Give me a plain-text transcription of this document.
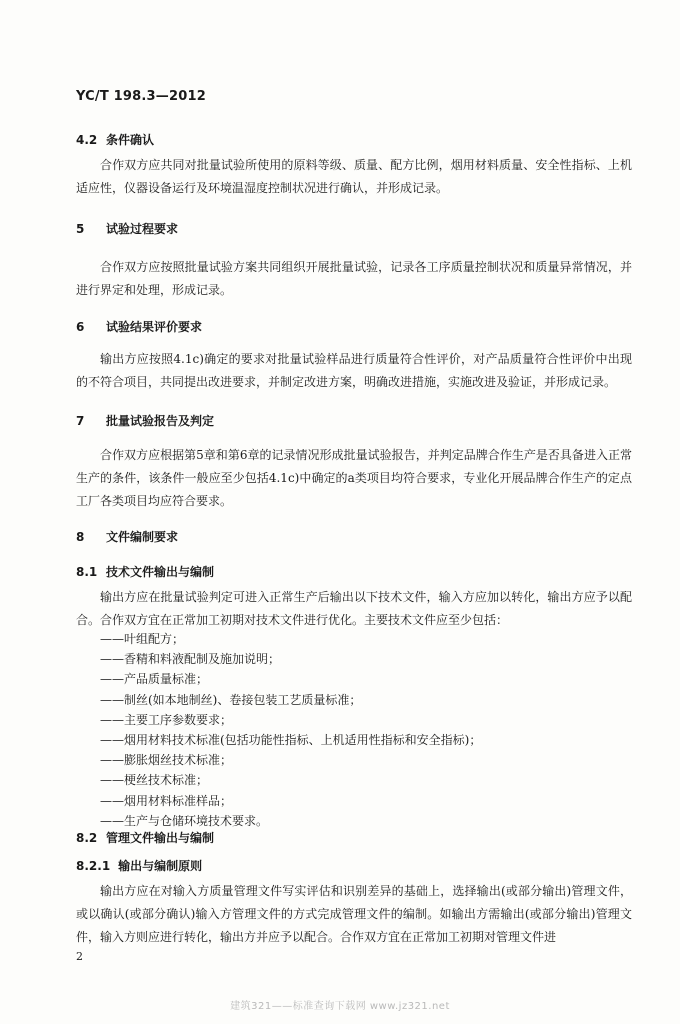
YC/T 198.3—2012
4.2 条件确认
合作双方应共同对批量试验所使用的原料等级、质量、配方比例，烟用材料质量、安全性指标、上机适应性，仪器设备运行及环境温湿度控制状况进行确认，并形成记录。
5 试验过程要求
合作双方应按照批量试验方案共同组织开展批量试验，记录各工序质量控制状况和质量异常情况，并进行界定和处理，形成记录。
6 试验结果评价要求
输出方应按照4.1c)确定的要求对批量试验样品进行质量符合性评价，对产品质量符合性评价中出现的不符合项目，共同提出改进要求，并制定改进方案，明确改进措施，实施改进及验证，并形成记录。
7 批量试验报告及判定
合作双方应根据第5章和第6章的记录情况形成批量试验报告，并判定品牌合作生产是否具备进入正常生产的条件，该条件一般应至少包括4.1c)中确定的a类项目均符合要求，专业化开展品牌合作生产的定点工厂各类项目均应符合要求。
8 文件编制要求
8.1 技术文件输出与编制
输出方应在批量试验判定可进入正常生产后输出以下技术文件，输入方应加以转化，输出方应予以配合。合作双方宜在正常加工初期对技术文件进行优化。主要技术文件应至少包括：
——叶组配方；
——香精和料液配制及施加说明；
——产品质量标准；
——制丝(如本地制丝)、卷接包装工艺质量标准；
——主要工序参数要求；
——烟用材料技术标准(包括功能性指标、上机适用性指标和安全指标)；
——膨胀烟丝技术标准；
——梗丝技术标准；
——烟用材料标准样品；
——生产与仓储环境技术要求。
8.2 管理文件输出与编制
8.2.1 输出与编制原则
输出方应在对输入方质量管理文件写实评估和识别差异的基础上，选择输出(或部分输出)管理文件，或以确认(或部分确认)输入方管理文件的方式完成管理文件的编制。如输出方需输出(或部分输出)管理文件，输入方则应进行转化，输出方并应予以配合。合作双方宜在正常加工初期对管理文件进
2
建筑321——标准查询下载网 www.jz321.net
